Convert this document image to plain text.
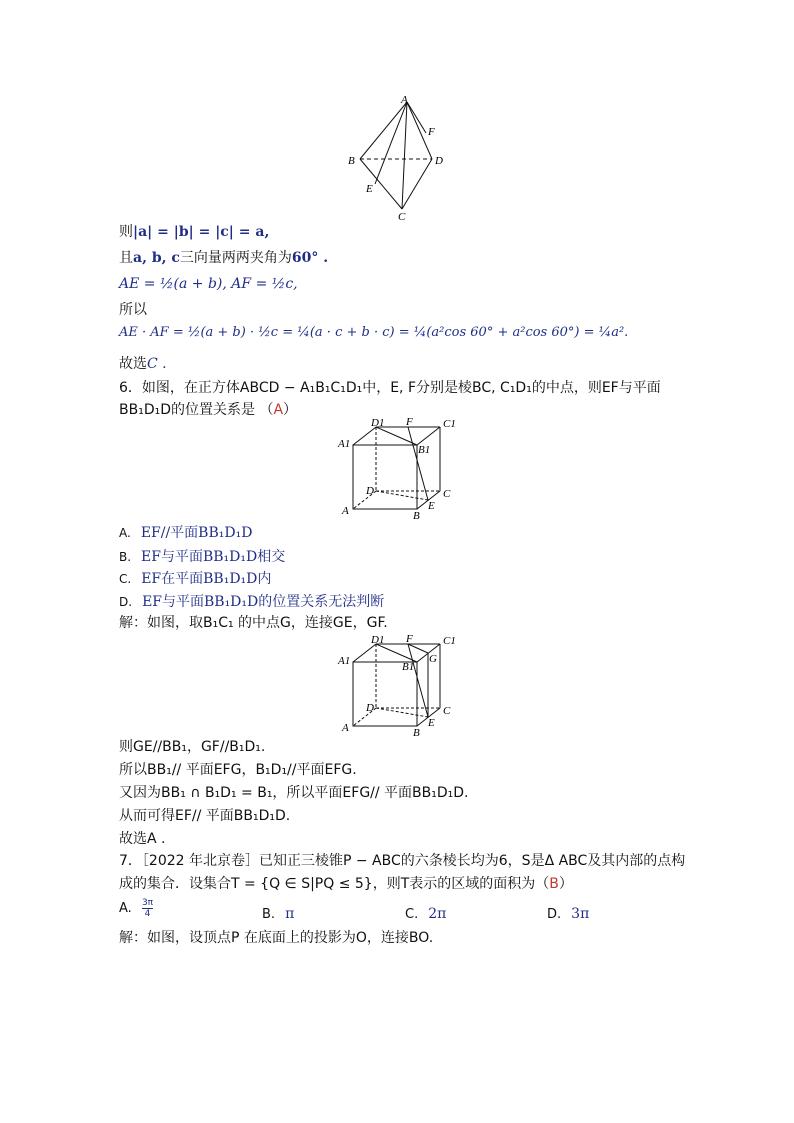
A
F
B	D
E
C
则|a| = |b| = |c| = a,
且a, b, c三向量两两夹角为60° .
AE = ½(a + b), AF = ½c,
所以
AE · AF = ½(a + b) · ½c = ¼(a · c + b · c) = ¼(a²cos 60° + a²cos 60°) = ¼a².
故选C .
6．如图，在正方体ABCD − A₁B₁C₁D₁中，E, F分别是棱BC, C₁D₁的中点，则EF与平面
BB₁D₁D的位置关系是 （A）
D1 F	C1
A1	B1
D	C
A	E
B
A. EF//平面BB₁D₁D
B. EF与平面BB₁D₁D相交
C. EF在平面BB₁D₁D内
D. EF与平面BB₁D₁D的位置关系无法判断
解：如图，取B₁C₁ 的中点G，连接GE，GF.
D1 F	C1
A1	B1
G
D	C
A	E
B
则GE//BB₁，GF//B₁D₁.
所以BB₁// 平面EFG，B₁D₁//平面EFG.
又因为BB₁ ∩ B₁D₁ = B₁，所以平面EFG// 平面BB₁D₁D.
从而可得EF// 平面BB₁D₁D.
故选A .
7．［2022 年北京卷］已知正三棱锥P − ABC的六条棱长均为6，S是Δ ABC及其内部的点构
成的集合．设集合T = {Q ∈ S|PQ ≤ 5}，则T表示的区域的面积为（B）
A. $\frac{3\pi}{4}$	B. π	C. 2π	D. 3π
解：如图，设顶点P 在底面上的投影为O，连接BO.
